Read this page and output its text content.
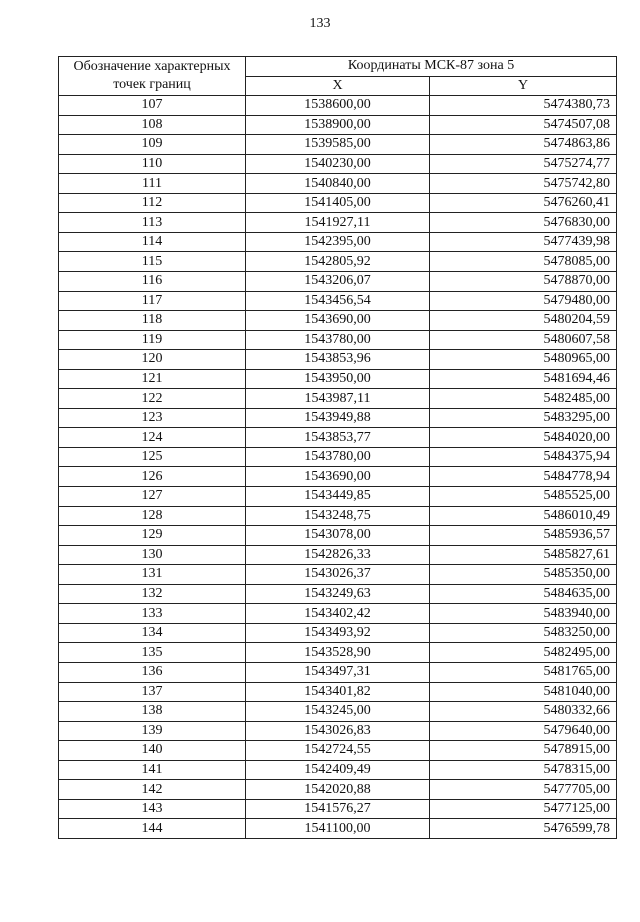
133
Обозначение характерных
точек границ	Координаты МСК-87 зона 5	
	X	Y
107	1538600,00	5474380,73
108	1538900,00	5474507,08
109	1539585,00	5474863,86
110	1540230,00	5475274,77
111	1540840,00	5475742,80
112	1541405,00	5476260,41
113	1541927,11	5476830,00
114	1542395,00	5477439,98
115	1542805,92	5478085,00
116	1543206,07	5478870,00
117	1543456,54	5479480,00
118	1543690,00	5480204,59
119	1543780,00	5480607,58
120	1543853,96	5480965,00
121	1543950,00	5481694,46
122	1543987,11	5482485,00
123	1543949,88	5483295,00
124	1543853,77	5484020,00
125	1543780,00	5484375,94
126	1543690,00	5484778,94
127	1543449,85	5485525,00
128	1543248,75	5486010,49
129	1543078,00	5485936,57
130	1542826,33	5485827,61
131	1543026,37	5485350,00
132	1543249,63	5484635,00
133	1543402,42	5483940,00
134	1543493,92	5483250,00
135	1543528,90	5482495,00
136	1543497,31	5481765,00
137	1543401,82	5481040,00
138	1543245,00	5480332,66
139	1543026,83	5479640,00
140	1542724,55	5478915,00
141	1542409,49	5478315,00
142	1542020,88	5477705,00
143	1541576,27	5477125,00
144	1541100,00	5476599,78
